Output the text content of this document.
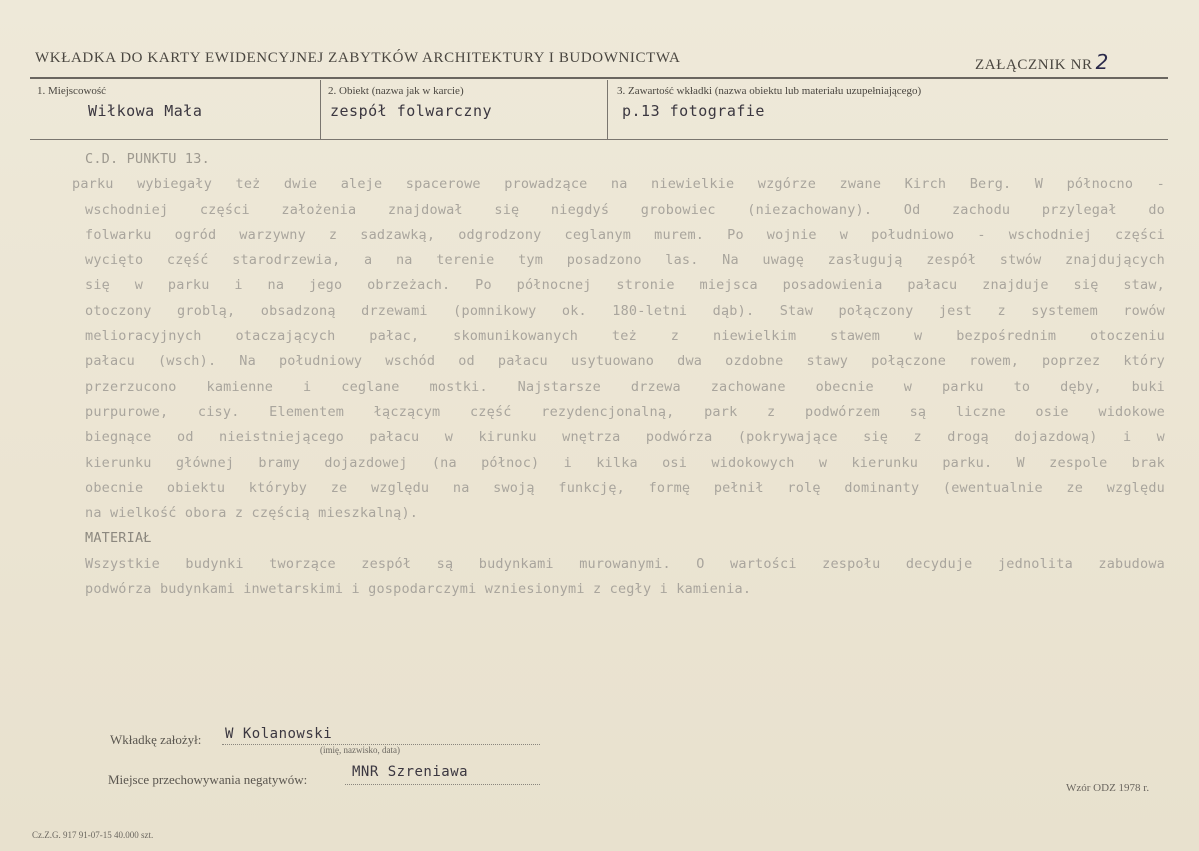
WKŁADKA DO KARTY EWIDENCYJNEJ ZABYTKÓW ARCHITEKTURY I BUDOWNICTWA	ZAŁĄCZNIK NR 2
1. Miejscowość
Wiłkowa Mała
2. Obiekt (nazwa jak w karcie)
zespół folwarczny
3. Zawartość wkładki (nazwa obiektu lub materiału uzupełniającego)
p.13 fotografie
C.D. PUNKTU 13.
parku wybiegały też dwie aleje spacerowe prowadzące na niewielkie wzgórze zwane Kirch Berg. W północno -
wschodniej części założenia znajdował się niegdyś grobowiec (niezachowany). Od zachodu przylegał do
folwarku ogród warzywny z sadzawką, odgrodzony ceglanym murem. Po wojnie w południowo - wschodniej części
wycięto część starodrzewia, a na terenie tym posadzono las. Na uwagę zasługują zespół stwów znajdujących
się w parku i na jego obrzeżach. Po północnej stronie miejsca posadowienia pałacu znajduje się staw,
otoczony groblą, obsadzoną drzewami (pomnikowy ok. 180-letni dąb). Staw połączony jest z systemem rowów
melioracyjnych otaczających pałac, skomunikowanych też z niewielkim stawem w bezpośrednim otoczeniu
pałacu (wsch). Na południowy wschód od pałacu usytuowano dwa ozdobne stawy połączone rowem, poprzez który
przerzucono kamienne i ceglane mostki. Najstarsze drzewa zachowane obecnie w parku to dęby, buki
purpurowe, cisy. Elementem łączącym część rezydencjonalną, park z podwórzem są liczne osie widokowe
biegnące od nieistniejącego pałacu w kirunku wnętrza podwórza (pokrywające się z drogą dojazdową) i w
kierunku głównej bramy dojazdowej (na północ) i kilka osi widokowych w kierunku parku. W zespole brak
obecnie obiektu któryby ze względu na swoją funkcję, formę pełnił rolę dominanty (ewentualnie ze względu
na wielkość obora z częścią mieszkalną).
MATERIAŁ
Wszystkie budynki tworzące zespół są budynkami murowanymi. O wartości zespołu decyduje jednolita zabudowa
podwórza budynkami inwetarskimi i gospodarczymi wzniesionymi z cegły i kamienia.
Wkładkę założył: W Kolanowski
(imię, nazwisko, data)
Miejsce przechowywania negatywów:	MNR Szreniawa
Wzór ODZ 1978 r.
Cz.Z.G. 917 91-07-15 40.000 szt.
